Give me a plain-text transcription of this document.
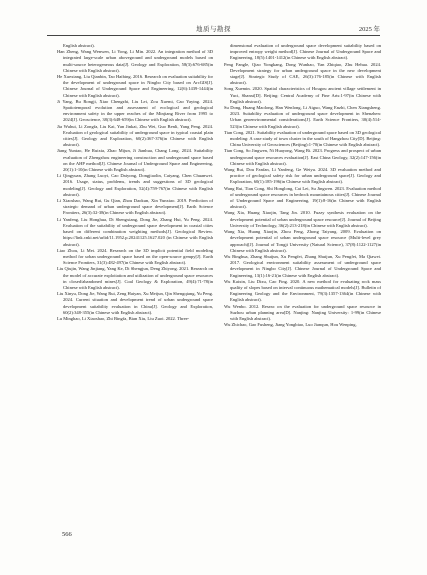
地质与勘探	2025 年
English abstract).
Han Zheng, Wang Wenwen, Li Yong, Li Min. 2022. An integration method of 3D integrated large-scale urban aboveground and underground models based on multi-source heterogeneous data[J]. Geology and Exploration, 58(3):676-685(in Chinese with English abstract).
He Xuexiang, Liu Qianbin, Tao Haibing. 2016. Research on evaluation suitability for the development of underground space in Ningbo City based on ArcGIS[J]. Chinese Journal of Underground Space and Engineering, 12(6):1439-1444(in Chinese with English abstract).
Ji Yang, Bu Rongji, Xiao Chengzhi, Liu Lei, Zou Xuemi, Cao Yaying. 2024. Spatiotemporal evolution and assessment of ecological and geological environment safety in the upper reaches of the Minjiang River from 1995 to 2024[J]. Geoscience, 38(3):648-659(in Chinese with English abstract).
Jia Wuhui, Li Zongfa, Liu Kai, Yan Jinkai, Zhu Wei, Guo Benli, Yang Peng. 2024. Evaluation of geological suitability of underground space in typical coastal plain cities[J]. Geology and Exploration, 60(2):367-376(in Chinese with English abstract).
Jiang Yuntao, He Ruixia, Zhao Mijun, Ji Jianhua, Chang Long. 2024. Suitability evaluation of Zhengzhou engineering construction and underground space based on the AHP method[J]. Chinese Journal of Underground Space and Engineering, 20(1):1-10(in Chinese with English abstract).
Li Qingyuan, Zhang Luoyi, Cao Daiyong, Dongjiaolin, Caiyang, Chen Chuanwei. 2016. Usage, status, problems, trends and suggestions of 3D geological modeling[J]. Geology and Exploration, 52(4):759-767(in Chinese with English abstract).
Li Xiaoshao, Wang Rui, Gu Qian, Zhou Daokun, Xin Yunxiao. 2019. Prediction of strategic demand of urban underground space development[J]. Earth Science Frontiers, 26(3):32-38(in Chinese with English abstract).
Li Yanfeng, Liu Honghua, Di Shengxiang, Dong Jie, Zhang Hui, Yu Peng. 2024. Evaluation of the suitability of underground space development in coastal cities based on different combination weighting methods[J]. Geological Review. https://link.cnki.net/urlid/11.1952.p.20241125.1627.020 (in Chinese with English abstract).
Liao Zhou, Li Mei. 2024. Research on the 3D implicit potential field modeling method for urban underground space based on the open-source gempy[J]. Earth Science Frontiers, 31(3):482-497(in Chinese with English abstract).
Liu Qiujin, Wang Jinjiang, Yang Ke, Di Shengjun, Deng Zhiyong. 2021. Research on the model of accurate exploitation and utilization of underground space resources in closed/abandoned mines[J]. Coal Geology & Exploration, 49(4):71-78(in Chinese with English abstract).
Liu Xinyu, Dong Jie, Wang Rui, Zeng Haiyan, Xu Meijun, Qin Shengqiang, Yu Peng. 2024. Current situation and development trend of urban underground space development suitability evaluation in China[J]. Geology and Exploration, 60(2):348-355(in Chinese with English abstract).
Lu Minghao, Li Xiaoshao, Zhi Bingfa, Bian Xiu, Liu Zuoi. 2022. Three-
dimensional evaluation of underground space development suitability based on improved entropy weight method[J]. Chinese Journal of Underground Space and Engineering, 18(5):1401-1412(in Chinese with English abstract).
Peng Fangle, Qiao Yongkang, Dong Wunhao, Yan Zhiqiao, Zhu Hehua. 2024. Development strategy for urban underground space in the new development stage[J]. Strategic Study of CAE, 26(3):176-185(in Chinese with English abstract).
Song Xuemin. 2020. Spatial characteristics of Hougou ancient village settlement in Yuci, Shanxi[D]. Beijing: Central Academy of Fine Arts:1-97(in Chinese with English abstract).
Su Dong, Huang Maolong, Han Wenlong, Li Aiguo, Wang Enzhi, Chen Xiangsheng. 2023. Suitability evaluation of underground space development in Shenzhen: Urban geoenvironmental considerations[J]. Earth Science Frontiers, 30(4):514-523(in Chinese with English abstract).
Tian Cong. 2021. Suitability evaluation of underground space based on 3D geological modeling: A case study of town cluster in the south of Hangzhou City[D]. Beijing: China University of Geosciences (Beijing):1-70(in Chinese with English abstract).
Tian Cong, So Jingwen, Ni Huayong, Wang Bi. 2023. Progress and prospect of urban underground space resources evaluation[J]. East China Geology, 32(2):147-156(in Chinese with English abstract).
Wang Rui, Dou Fanfan, Li Yanfeng, Ge Weiyu. 2024. 3D evaluation method and practice of geological safety risk for urban underground space[J]. Geology and Exploration, 60(1):185-196(in Chinese with English abstract).
Wang Rui, Tian Cong, Shi Honglong, Cai Lei, Su Jingwen. 2023. Evaluation method of underground space resources in bedrock mountainous cities[J]. Chinese Journal of Underground Space and Engineering, 19(1):8-16(in Chinese with English abstract).
Wang Xia, Huang Xiaojin, Tang Jin. 2010. Fuzzy synthesis evaluation on the development potential of urban underground space resource[J]. Journal of Beijing University of Technology, 36(2):213-218(in Chinese with English abstract).
Wang Xia, Huang Xiaojin, Zhou Feng, Zhong Taiyang. 2009. Evaluation on development potential of urban underground space resource (Multi-level grey approach)[J]. Journal of Tongji University (Natural Science), 37(8):1122-1127(in Chinese with English abstract).
Wu Binghua, Zhang Shuijun, Xu Pengfei, Zhang Shuijun, Xu Pengfei, Ma Qiawei. 2017. Geological environment suitability assessment of underground space development in Ningbo City[J]. Chinese Journal of Underground Space and Engineering, 13(1):16-21(in Chinese with English abstract).
Wu Kaixin, Liu Dixu, Cao Fing. 2020. A new method for evaluating rock mass quality of slopes based on interval continuous mathematical models[J]. Bulletin of Engineering Geology and the Environment, 79(3):1357-1364(in Chinese with English abstract).
Wu Wenbo. 2012. Reseac on the evaluation for underground space resource in Suzhou urban planning area[D]. Nanjing: Nanjing University: 1-99(in Chinese with English abstract).
Wu Zhichao, Gao Fusheng, Jiang Yongbiao, Luo Jianqun, Hou Wenping,
566
